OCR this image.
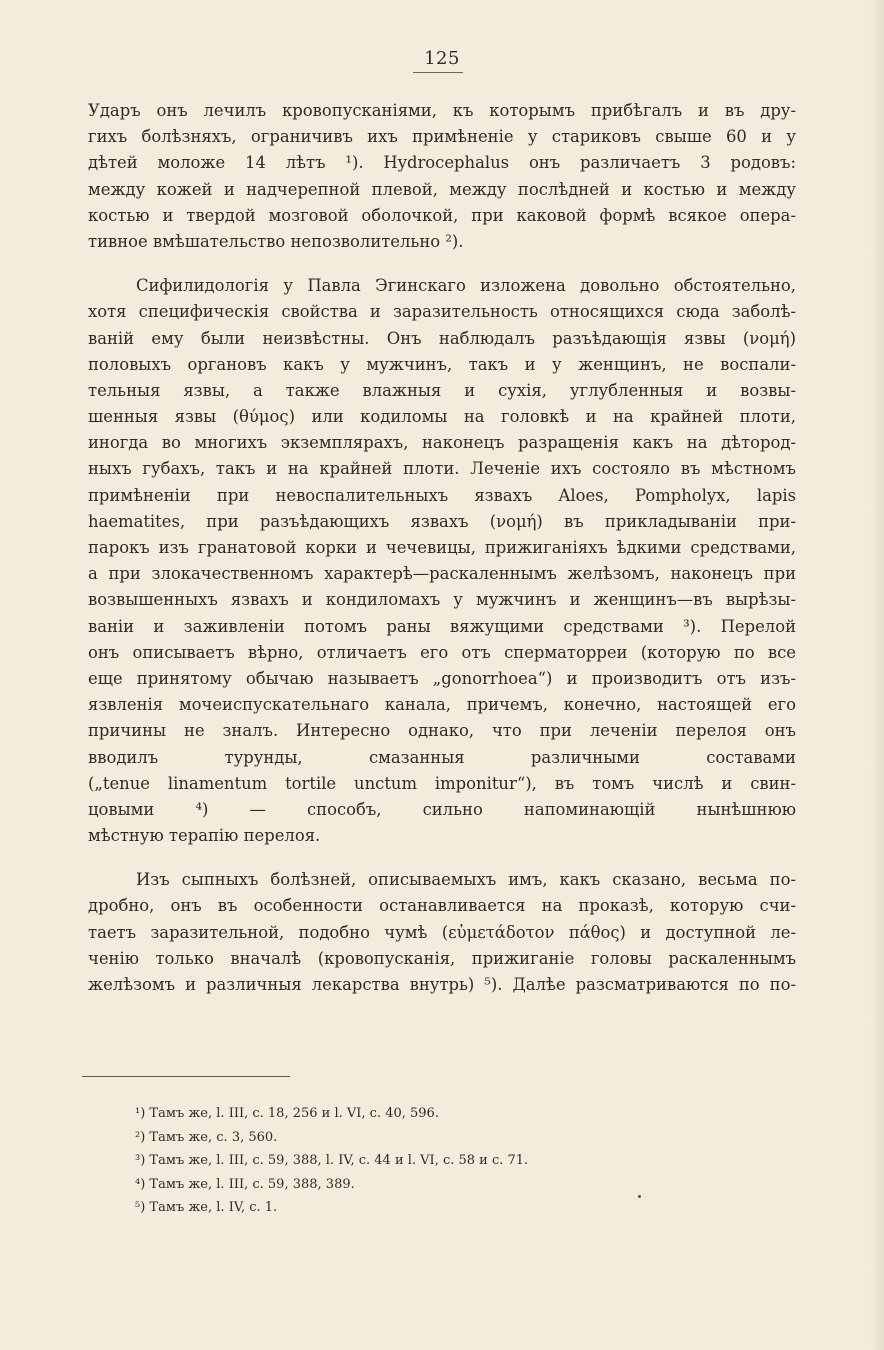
125
Ударъ онъ лечилъ кровопусканіями, къ которымъ прибѣгалъ и въ дру-
гихъ болѣзняхъ, ограничивъ ихъ примѣненіе у стариковъ свыше 60 и у
дѣтей моложе 14 лѣтъ ¹). Hydrocephalus онъ различаетъ 3 родовъ:
между кожей и надчерепной плевой, между послѣдней и костью и между
костью и твердой мозговой оболочкой, при каковой формѣ всякое опера-
тивное вмѣшательство непозволительно ²).
Сифилидологія у Павла Эгинскаго изложена довольно обстоятельно,
хотя специфическія свойства и заразительность относящихся сюда заболѣ-
ваній ему были неизвѣстны. Онъ наблюдалъ разъѣдающія язвы (νομή)
половыхъ органовъ какъ у мужчинъ, такъ и у женщинъ, не воспали-
тельныя язвы, а также влажныя и сухія, углубленныя и возвы-
шенныя язвы (θύμος) или кодиломы на головкѣ и на крайней плоти,
иногда во многихъ экземплярахъ, наконецъ разращенія какъ на дѣтород-
ныхъ губахъ, такъ и на крайней плоти. Леченіе ихъ состояло въ мѣстномъ
примѣненіи при невоспалительныхъ язвахъ Aloes, Pompholyx, lapis
haematites, при разъѣдающихъ язвахъ (νομή) въ прикладываніи при-
парокъ изъ гранатовой корки и чечевицы, прижиганіяхъ ѣдкими средствами,
а при злокачественномъ характерѣ—раскаленнымъ желѣзомъ, наконецъ при
возвышенныхъ язвахъ и кондиломахъ у мужчинъ и женщинъ—въ вырѣзы-
ваніи и заживленіи потомъ раны вяжущими средствами ³). Перелой
онъ описываетъ вѣрно, отличаетъ его отъ сперматорреи (которую по все
еще принятому обычаю называетъ „gonorrhoea“) и производитъ отъ изъ-
язвленія мочеиспускательнаго канала, причемъ, конечно, настоящей его
причины не зналъ. Интересно однако, что при леченіи перелоя онъ
вводилъ турунды, смазанныя различными составами
(„tenue linamentum tortile unctum imponitur“), въ томъ числѣ и свин-
цовыми ⁴) — способъ, сильно напоминающій нынѣшнюю
мѣстную терапію перелоя.
Изъ сыпныхъ болѣзней, описываемыхъ имъ, какъ сказано, весьма по-
дробно, онъ въ особенности останавливается на проказѣ, которую счи-
таетъ заразительной, подобно чумѣ (εὐμετάδοτον πάθος) и доступной ле-
ченію только вначалѣ (кровопусканія, прижиганіе головы раскаленнымъ
желѣзомъ и различныя лекарства внутрь) ⁵). Далѣе разсматриваются по по-
¹) Тамъ же, l. III, c. 18, 256 и l. VI, c. 40, 596.
²) Тамъ же, c. 3, 560.
³) Тамъ же, l. III, c. 59, 388, l. IV, c. 44 и l. VI, c. 58 и c. 71.
⁴) Тамъ же, l. III, c. 59, 388, 389.
⁵) Тамъ же, l. IV, c. 1.
